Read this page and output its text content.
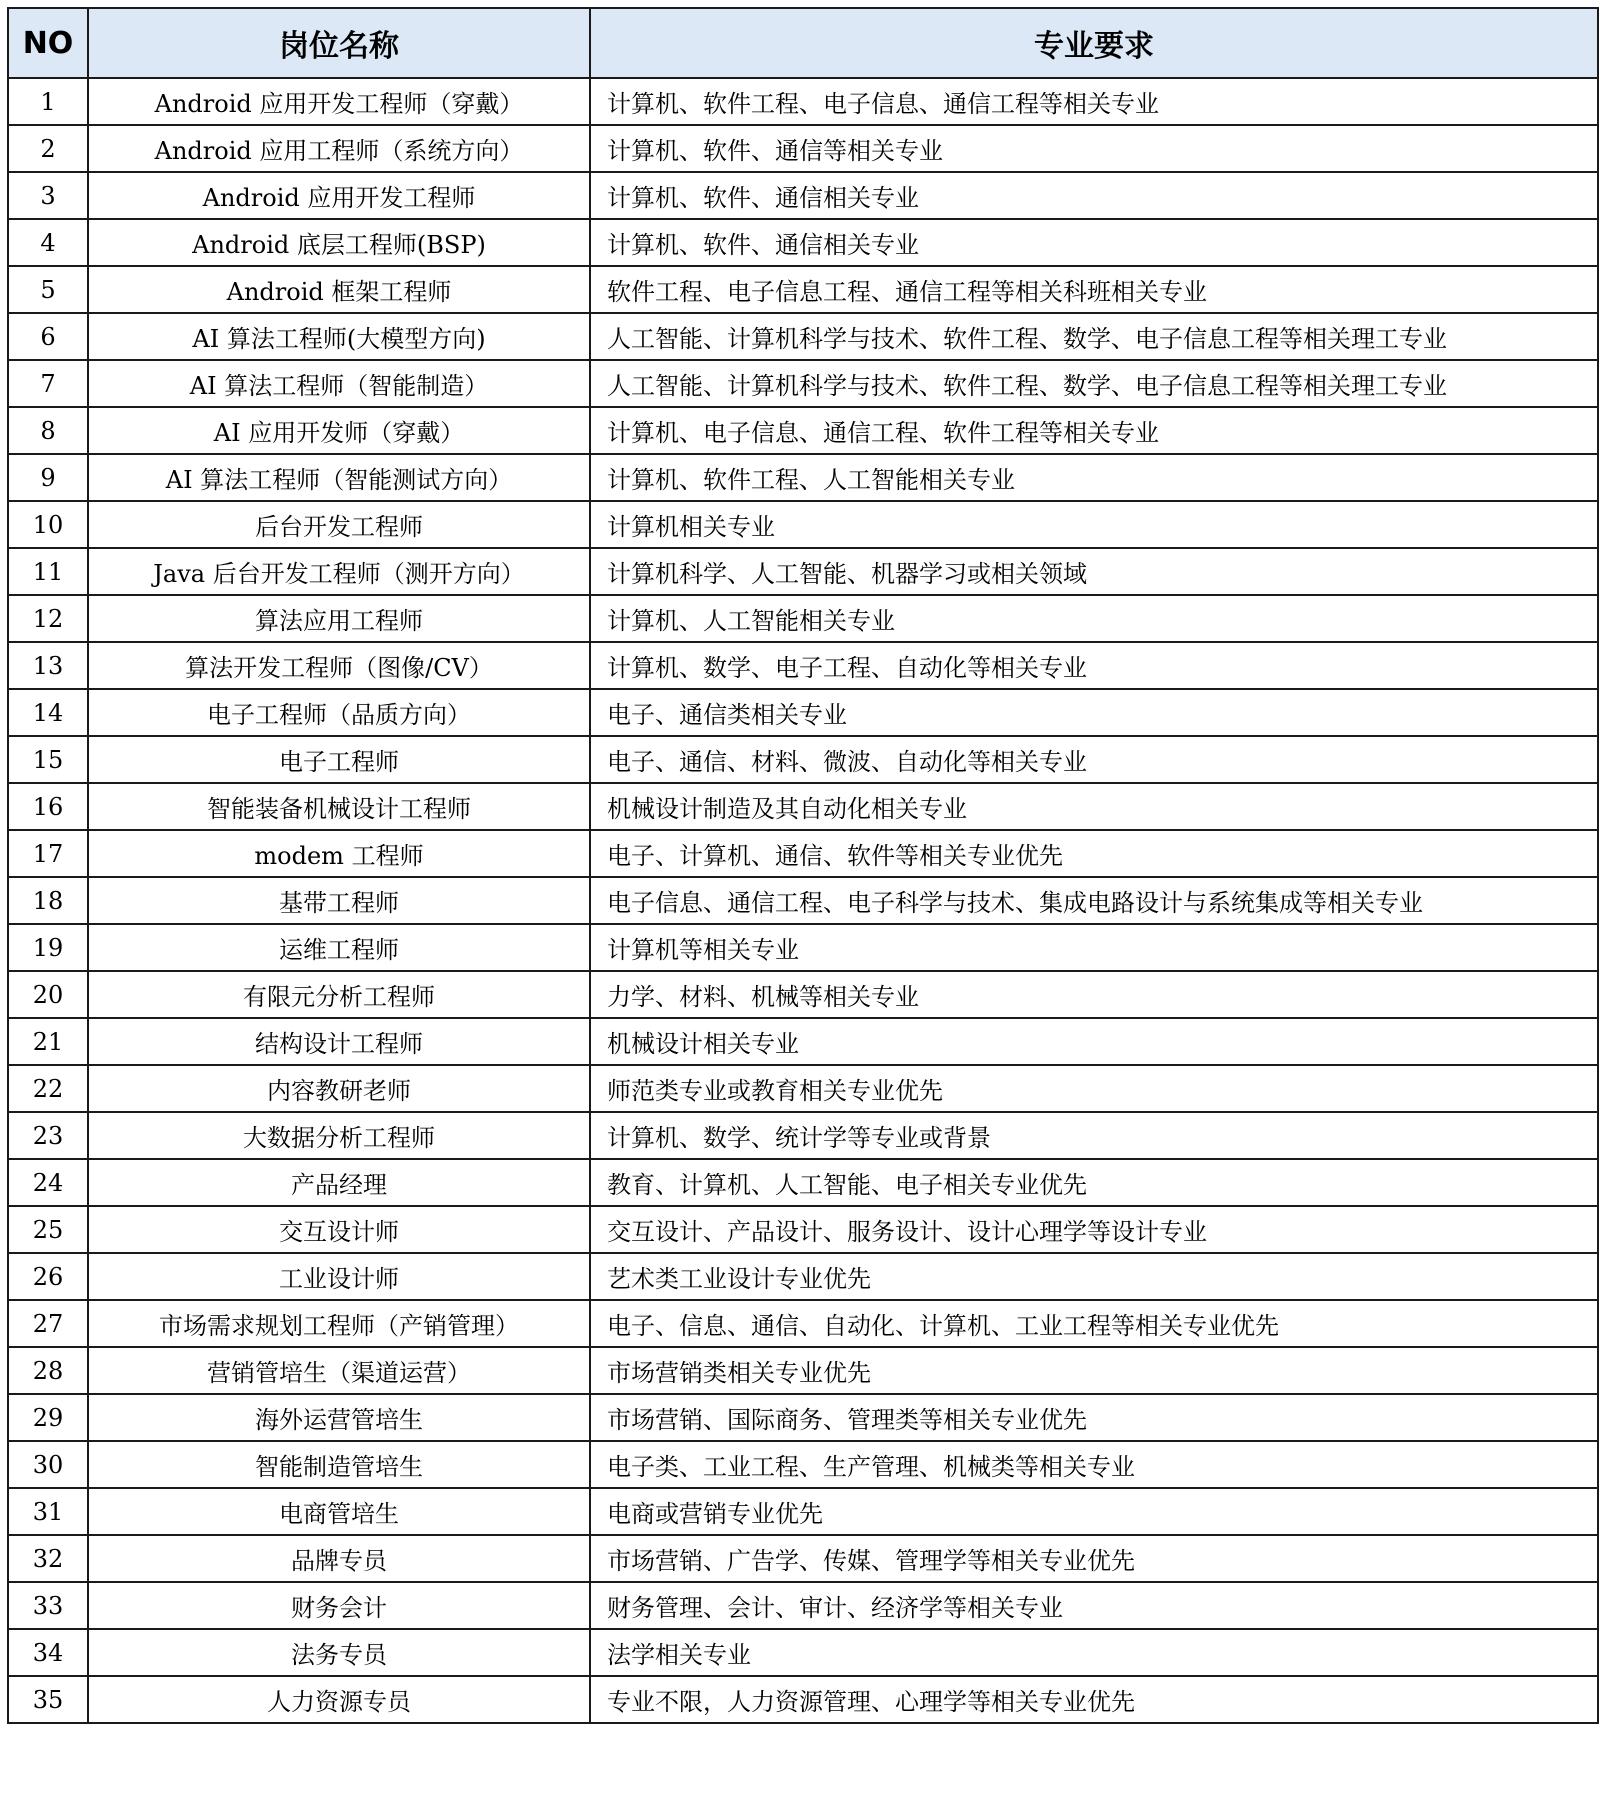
NO	岗位名称	专业要求
1	Android 应用开发工程师（穿戴）	计算机、软件工程、电子信息、通信工程等相关专业
2	Android 应用工程师（系统方向）	计算机、软件、通信等相关专业
3	Android 应用开发工程师	计算机、软件、通信相关专业
4	Android 底层工程师(BSP)	计算机、软件、通信相关专业
5	Android 框架工程师	软件工程、电子信息工程、通信工程等相关科班相关专业
6	AI 算法工程师(大模型方向)	人工智能、计算机科学与技术、软件工程、数学、电子信息工程等相关理工专业
7	AI 算法工程师（智能制造）	人工智能、计算机科学与技术、软件工程、数学、电子信息工程等相关理工专业
8	AI 应用开发师（穿戴）	计算机、电子信息、通信工程、软件工程等相关专业
9	AI 算法工程师（智能测试方向）	计算机、软件工程、人工智能相关专业
10	后台开发工程师	计算机相关专业
11	Java 后台开发工程师（测开方向）	计算机科学、人工智能、机器学习或相关领域
12	算法应用工程师	计算机、人工智能相关专业
13	算法开发工程师（图像/CV）	计算机、数学、电子工程、自动化等相关专业
14	电子工程师（品质方向）	电子、通信类相关专业
15	电子工程师	电子、通信、材料、微波、自动化等相关专业
16	智能装备机械设计工程师	机械设计制造及其自动化相关专业
17	modem 工程师	电子、计算机、通信、软件等相关专业优先
18	基带工程师	电子信息、通信工程、电子科学与技术、集成电路设计与系统集成等相关专业
19	运维工程师	计算机等相关专业
20	有限元分析工程师	力学、材料、机械等相关专业
21	结构设计工程师	机械设计相关专业
22	内容教研老师	师范类专业或教育相关专业优先
23	大数据分析工程师	计算机、数学、统计学等专业或背景
24	产品经理	教育、计算机、人工智能、电子相关专业优先
25	交互设计师	交互设计、产品设计、服务设计、设计心理学等设计专业
26	工业设计师	艺术类工业设计专业优先
27	市场需求规划工程师（产销管理）	电子、信息、通信、自动化、计算机、工业工程等相关专业优先
28	营销管培生（渠道运营）	市场营销类相关专业优先
29	海外运营管培生	市场营销、国际商务、管理类等相关专业优先
30	智能制造管培生	电子类、工业工程、生产管理、机械类等相关专业
31	电商管培生	电商或营销专业优先
32	品牌专员	市场营销、广告学、传媒、管理学等相关专业优先
33	财务会计	财务管理、会计、审计、经济学等相关专业
34	法务专员	法学相关专业
35	人力资源专员	专业不限，人力资源管理、心理学等相关专业优先
